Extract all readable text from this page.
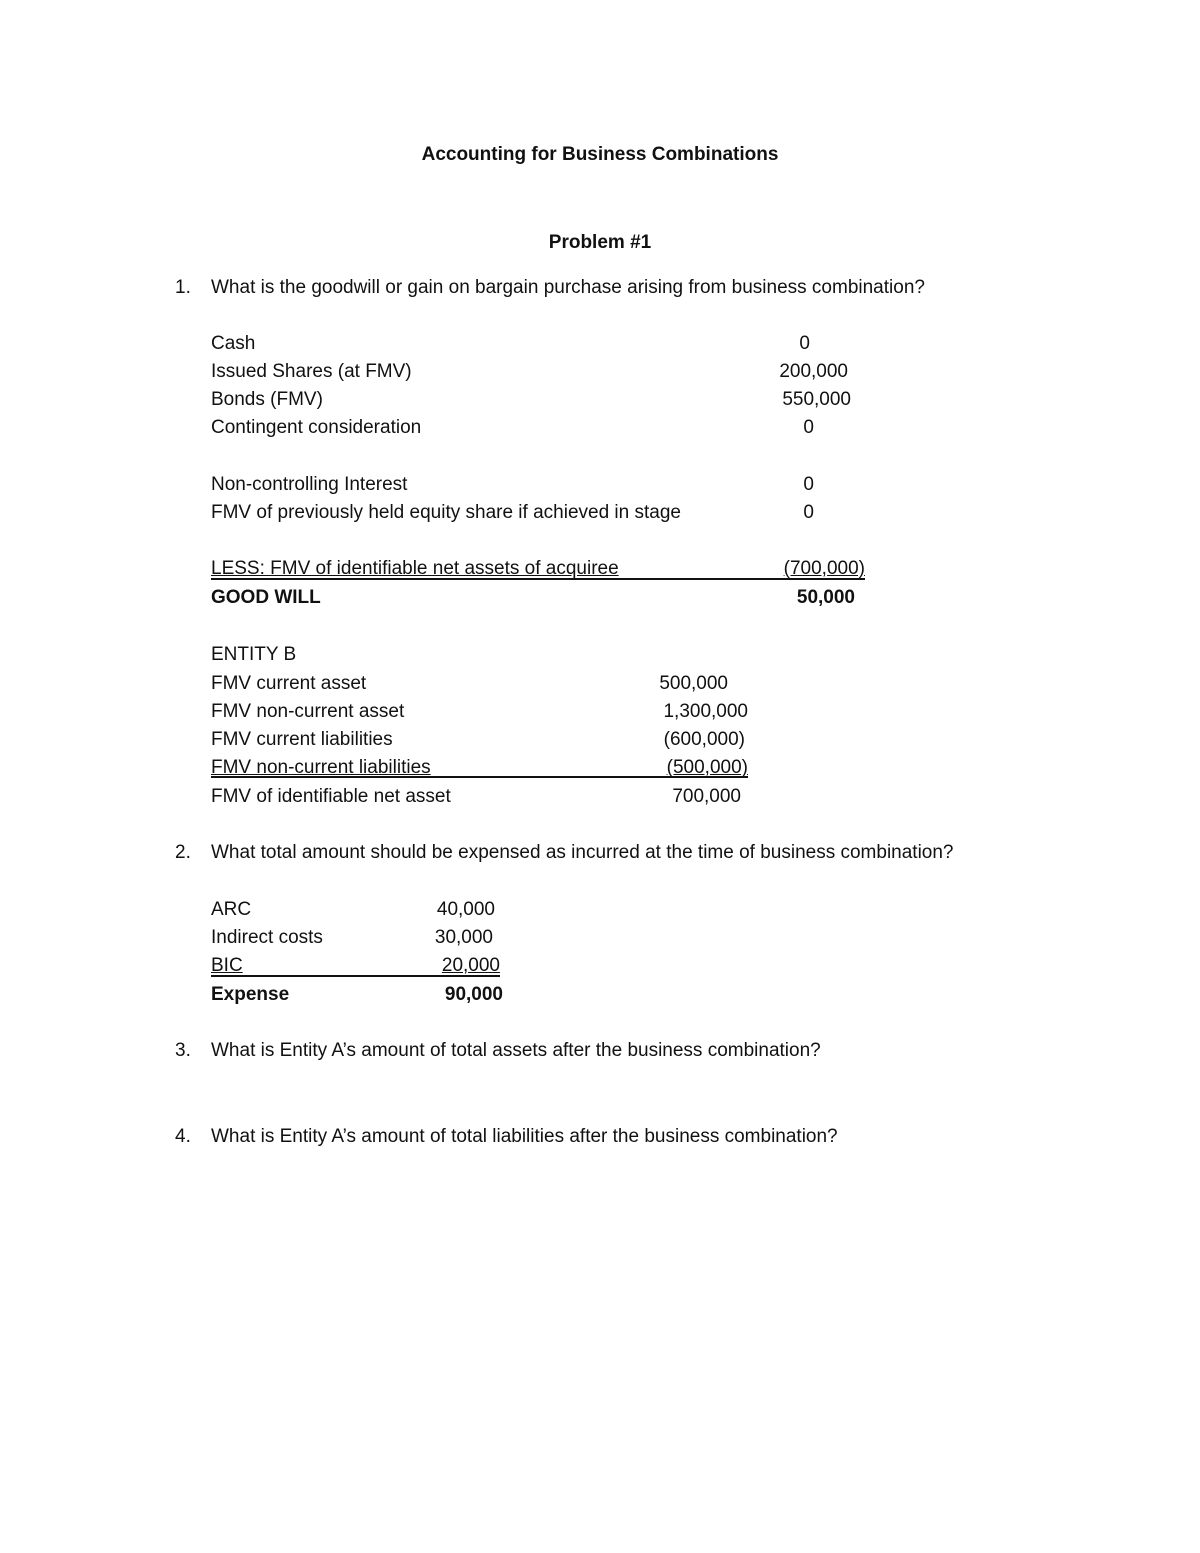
Accounting for Business Combinations
Problem #1
1. What is the goodwill or gain on bargain purchase arising from business combination?
Cash	0
Issued Shares (at FMV)	200,000
Bonds (FMV)	550,000
Contingent consideration	0
Non-controlling Interest	0
FMV of previously held equity share if achieved in stage	0
LESS: FMV of identifiable net assets of acquiree	(700,000)
GOOD WILL	50,000
ENTITY B
FMV current asset	500,000
FMV non-current asset	1,300,000
FMV current liabilities	(600,000)
FMV non-current liabilities	(500,000)
FMV of identifiable net asset	700,000
2. What total amount should be expensed as incurred at the time of business combination?
ARC	40,000
Indirect costs	30,000
BIC	20,000
Expense	90,000
3. What is Entity A’s amount of total assets after the business combination?
4. What is Entity A’s amount of total liabilities after the business combination?
